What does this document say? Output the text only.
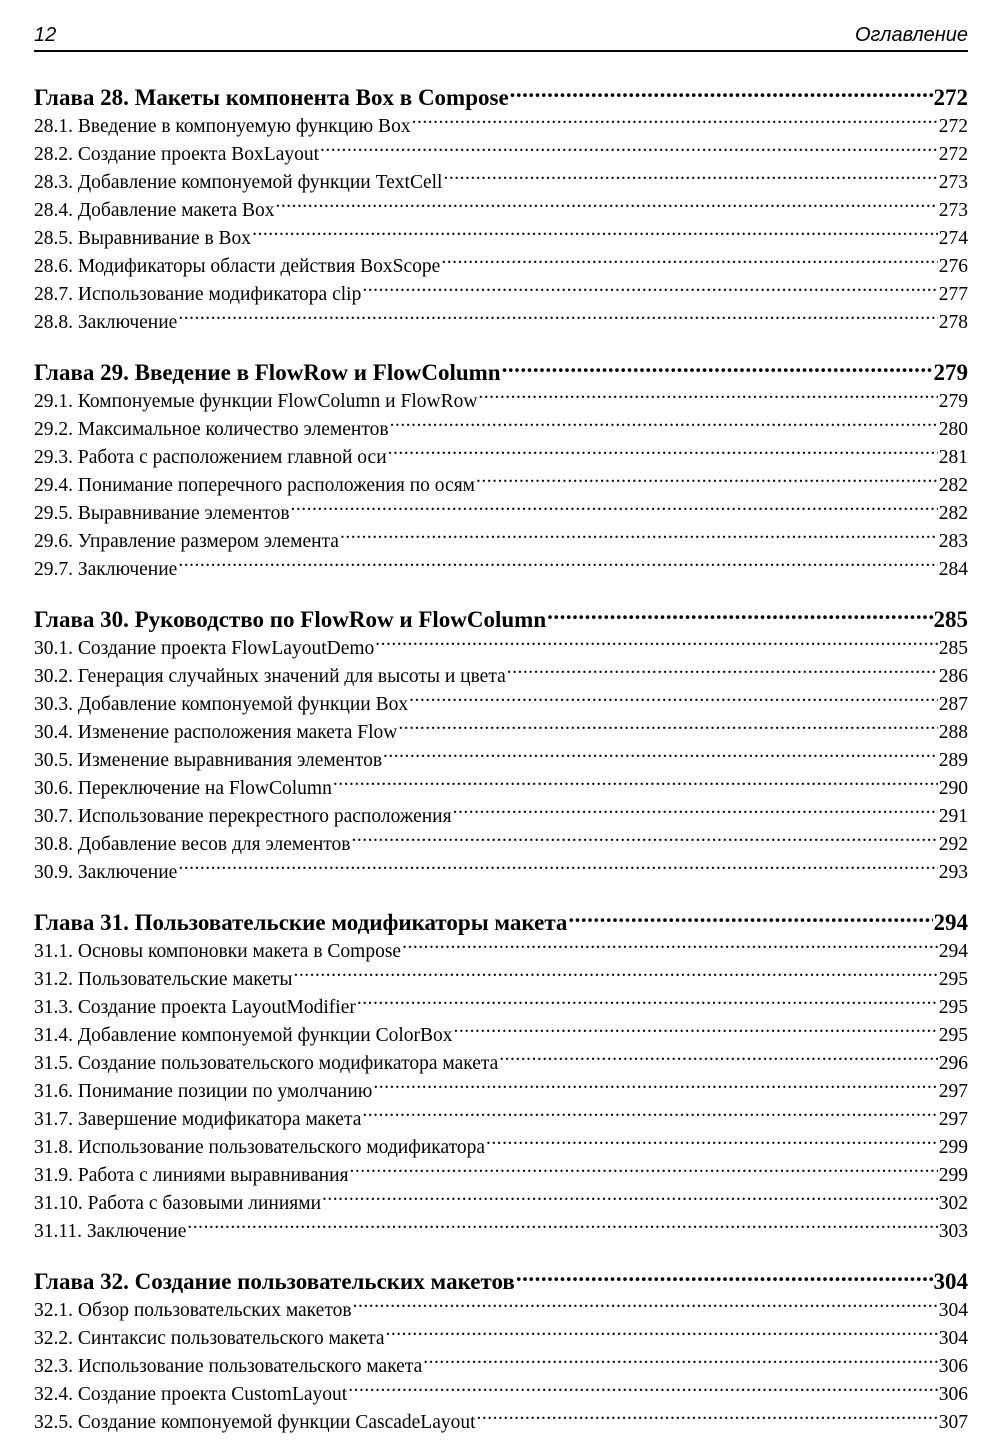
12	Оглавление
Глава 28. Макеты компонента Box в Compose .....	272
28.1. Введение в компонуемую функцию Box .....	272
28.2. Создание проекта BoxLayout .....	272
28.3. Добавление компонуемой функции TextCell .....	273
28.4. Добавление макета Box .....	273
28.5. Выравнивание в Box .....	274
28.6. Модификаторы области действия BoxScope .....	276
28.7. Использование модификатора clip .....	277
28.8. Заключение .....	278
Глава 29. Введение в FlowRow и FlowColumn .....	279
29.1. Компонуемые функции FlowColumn и FlowRow .....	279
29.2. Максимальное количество элементов .....	280
29.3. Работа с расположением главной оси .....	281
29.4. Понимание поперечного расположения по осям .....	282
29.5. Выравнивание элементов .....	282
29.6. Управление размером элемента .....	283
29.7. Заключение .....	284
Глава 30. Руководство по FlowRow и FlowColumn .....	285
30.1. Создание проекта FlowLayoutDemo .....	285
30.2. Генерация случайных значений для высоты и цвета .....	286
30.3. Добавление компонуемой функции Box .....	287
30.4. Изменение расположения макета Flow .....	288
30.5. Изменение выравнивания элементов .....	289
30.6. Переключение на FlowColumn .....	290
30.7. Использование перекрестного расположения .....	291
30.8. Добавление весов для элементов .....	292
30.9. Заключение .....	293
Глава 31. Пользовательские модификаторы макета .....	294
31.1. Основы компоновки макета в Compose .....	294
31.2. Пользовательские макеты .....	295
31.3. Создание проекта LayoutModifier .....	295
31.4. Добавление компонуемой функции ColorBox .....	295
31.5. Создание пользовательского модификатора макета .....	296
31.6. Понимание позиции по умолчанию .....	297
31.7. Завершение модификатора макета .....	297
31.8. Использование пользовательского модификатора .....	299
31.9. Работа с линиями выравнивания .....	299
31.10. Работа с базовыми линиями .....	302
31.11. Заключение .....	303
Глава 32. Создание пользовательских макетов .....	304
32.1. Обзор пользовательских макетов .....	304
32.2. Синтаксис пользовательского макета .....	304
32.3. Использование пользовательского макета .....	306
32.4. Создание проекта CustomLayout .....	306
32.5. Создание компонуемой функции CascadeLayout .....	307
